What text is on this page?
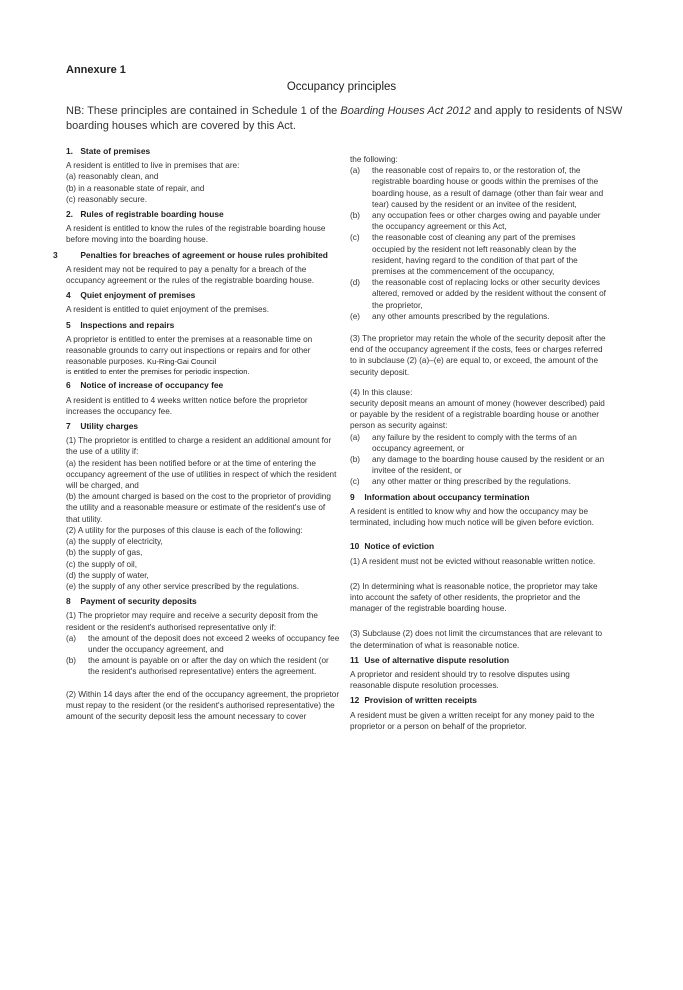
Annexure 1
Occupancy principles
NB: These principles are contained in Schedule 1 of the Boarding Houses Act 2012 and apply to residents of NSW boarding houses which are covered by this Act.
1. State of premises

A resident is entitled to live in premises that are:

(a) reasonably clean, and

(b) in a reasonable state of repair, and

(c) reasonably secure.

2. Rules of registrable boarding house

A resident is entitled to know the rules of the registrable boarding house before moving into the boarding house.

3	Penalties for breaches of agreement or house rules prohibited

A resident may not be required to pay a penalty for a breach of the occupancy agreement or the rules of the registrable boarding house.

4 Quiet enjoyment of premises

A resident is entitled to quiet enjoyment of the premises.

5 Inspections and repairs

A proprietor is entitled to enter the premises at a reasonable time on reasonable grounds to carry out inspections or repairs and for other reasonable purposes. Ku-Ring-Gai Council

is entitled to enter the premises for periodic inspection.

6 Notice of increase of occupancy fee

A resident is entitled to 4 weeks written notice before the proprietor increases the occupancy fee.

7 Utility charges

(1) The proprietor is entitled to charge a resident an additional amount for the use of a utility if:

(a) the resident has been notified before or at the time of entering the occupancy agreement of the use of utilities in respect of which the resident will be charged, and

(b) the amount charged is based on the cost to the proprietor of providing the utility and a reasonable measure or estimate of the resident's use of that utility.

(2) A utility for the purposes of this clause is each of the following:

(a) the supply of electricity,

(b) the supply of gas,

(c) the supply of oil,

(d) the supply of water,

(e) the supply of any other service prescribed by the regulations.

8 Payment of security deposits

(1) The proprietor may require and receive a security deposit from the resident or the resident's authorised representative only if:

(a)	the amount of the deposit does not exceed 2 weeks of occupancy fee under the occupancy agreement, and
(b)	the amount is payable on or after the day on which the resident (or the resident's authorised representative) enters the agreement.

(2) Within 14 days after the end of the occupancy agreement, the proprietor must repay to the resident (or the resident's authorised representative) the amount of the security deposit less the amount necessary to cover

the following:

(a)	the reasonable cost of repairs to, or the restoration of, the registrable boarding house or goods within the premises of the boarding house, as a result of damage (other than fair wear and tear) caused by the resident or an invitee of the resident,
(b)	any occupation fees or other charges owing and payable under the occupancy agreement or this Act,
(c)	the reasonable cost of cleaning any part of the premises occupied by the resident not left reasonably clean by the resident, having regard to the condition of that part of the premises at the commencement of the occupancy,
(d)	the reasonable cost of replacing locks or other security devices altered, removed or added by the resident without the consent of the proprietor,
(e)	any other amounts prescribed by the regulations.

(3) The proprietor may retain the whole of the security deposit after the end of the occupancy agreement if the costs, fees or charges referred to in subclause (2) (a)–(e) are equal to, or exceed, the amount of the security deposit.

(4) In this clause:

security deposit means an amount of money (however described) paid or payable by the resident of a registrable boarding house or another person as security against:

(a)	any failure by the resident to comply with the terms of an occupancy agreement, or
(b)	any damage to the boarding house caused by the resident or an invitee of the resident, or
(c)	any other matter or thing prescribed by the regulations.
9 Information about occupancy termination

A resident is entitled to know why and how the occupancy may be terminated, including how much notice will be given before eviction.

10 Notice of eviction

(1) A resident must not be evicted without reasonable written notice.

(2) In determining what is reasonable notice, the proprietor may take into account the safety of other residents, the proprietor and the manager of the registrable boarding house.

(3) Subclause (2) does not limit the circumstances that are relevant to the determination of what is reasonable notice.

11 Use of alternative dispute resolution

A proprietor and resident should try to resolve disputes using reasonable dispute resolution processes.

12 Provision of written receipts

A resident must be given a written receipt for any money paid to the proprietor or a person on behalf of the proprietor.
